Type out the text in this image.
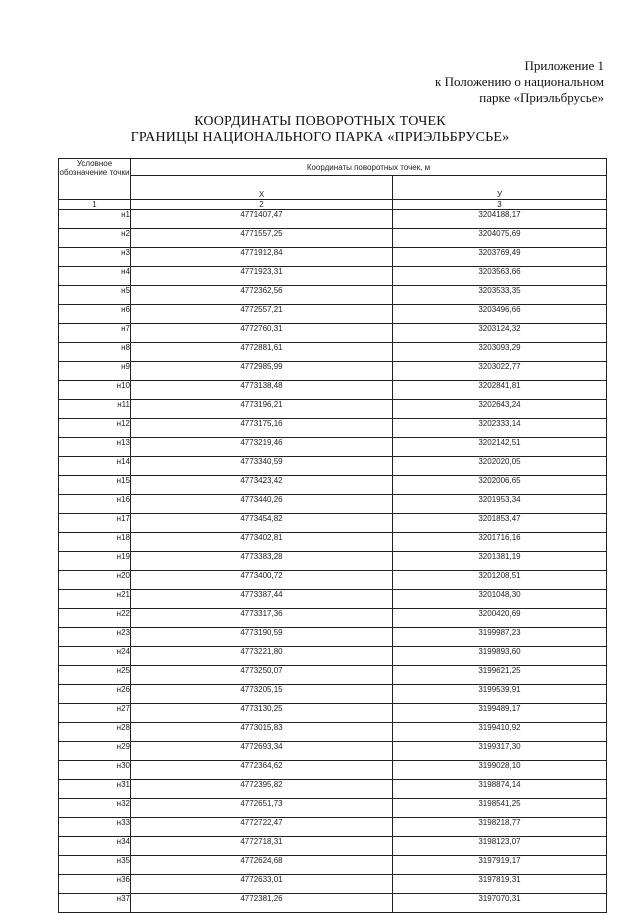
Приложение 1
к Положению о национальном
парке «Приэльбрусье»
КООРДИНАТЫ ПОВОРОТНЫХ ТОЧЕК
ГРАНИЦЫ НАЦИОНАЛЬНОГО ПАРКА «ПРИЭЛЬБРУСЬЕ»
Условное обозначение точки	Координаты поворотных точек, м	
	X	У
1	2	3
н1	4771407,47	3204188,17
н2	4771557,25	3204075,69
н3	4771912,84	3203769,49
н4	4771923,31	3203563,66
н5	4772362,56	3203533,35
н6	4772557,21	3203496,66
н7	4772760,31	3203124,32
н8	4772881,61	3203093,29
н9	4772985,99	3203022,77
н10	4773138,48	3202841,81
н11	4773196,21	3202643,24
н12	4773175,16	3202333,14
н13	4773219,46	3202142,51
н14	4773340,59	3202020,05
н15	4773423,42	3202006,65
н16	4773440,26	3201953,34
н17	4773454,82	3201853,47
н18	4773402,81	3201716,16
н19	4773383,28	3201381,19
н20	4773400,72	3201208,51
н21	4773387,44	3201048,30
н22	4773317,36	3200420,69
н23	4773190,59	3199987,23
н24	4773221,80	3199893,60
н25	4773250,07	3199621,25
н26	4773205,15	3199539,91
н27	4773130,25	3199489,17
н28	4773015,83	3199410,92
н29	4772693,34	3199317,30
н30	4772364,62	3199028,10
н31	4772395,82	3198874,14
н32	4772651,73	3198541,25
н33	4772722,47	3198218,77
н34	4772718,31	3198123,07
н35	4772624,68	3197919,17
н36	4772633,01	3197819,31
н37	4772381,26	3197070,31
